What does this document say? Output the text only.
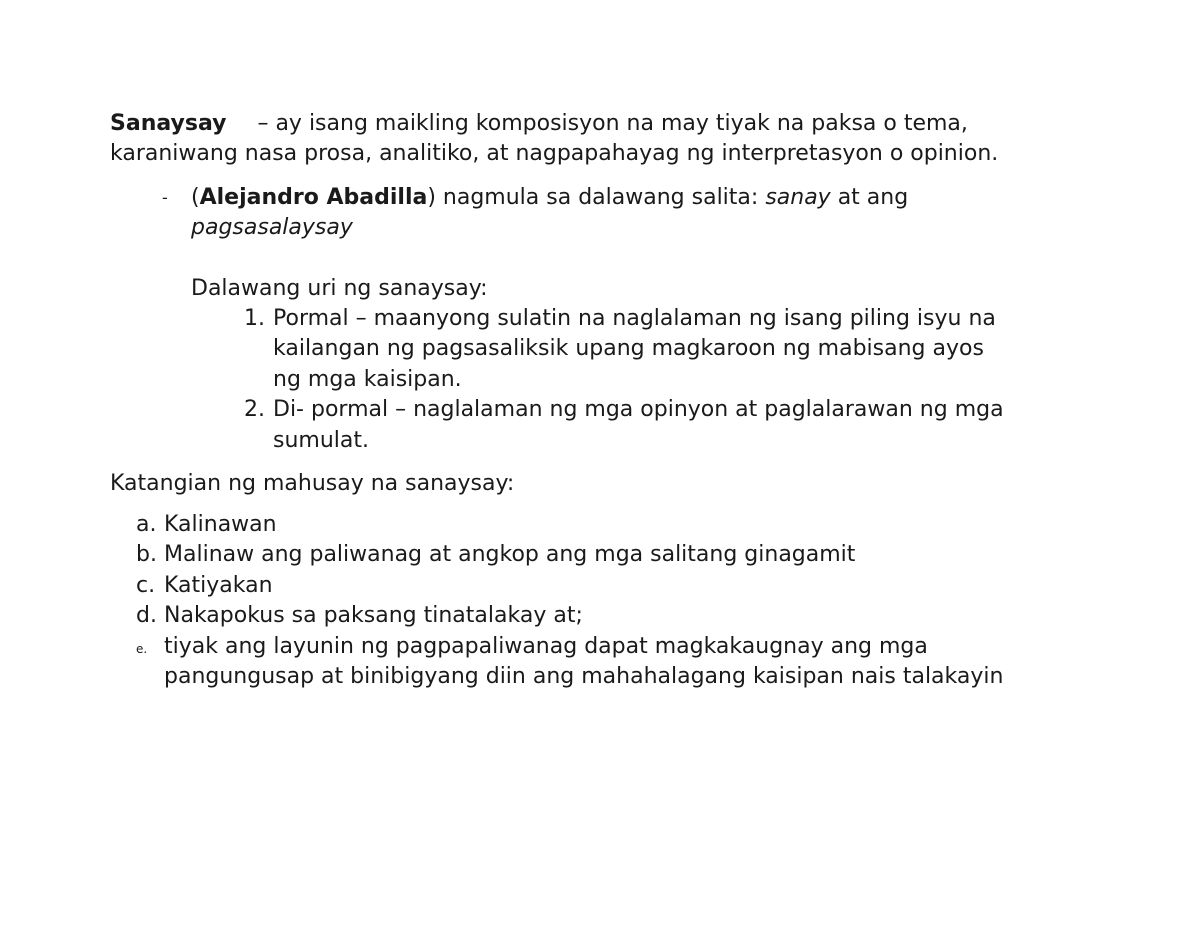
Sanaysay – ay isang maikling komposisyon na may tiyak na paksa o tema,
karaniwang nasa prosa, analitiko, at nagpapahayag ng interpretasyon o opinion.
- (Alejandro Abadilla) nagmula sa dalawang salita: sanay at ang
pagsasalaysay
Dalawang uri ng sanaysay:
1. Pormal – maanyong sulatin na naglalaman ng isang piling isyu na
kailangan ng pagsasaliksik upang magkaroon ng mabisang ayos
ng mga kaisipan.
2. Di- pormal – naglalaman ng mga opinyon at paglalarawan ng mga
sumulat.
Katangian ng mahusay na sanaysay:
a. Kalinawan
b. Malinaw ang paliwanag at angkop ang mga salitang ginagamit
c. Katiyakan
d. Nakapokus sa paksang tinatalakay at;
e. tiyak ang layunin ng pagpapaliwanag dapat magkakaugnay ang mga
pangungusap at binibigyang diin ang mahahalagang kaisipan nais talakayin
